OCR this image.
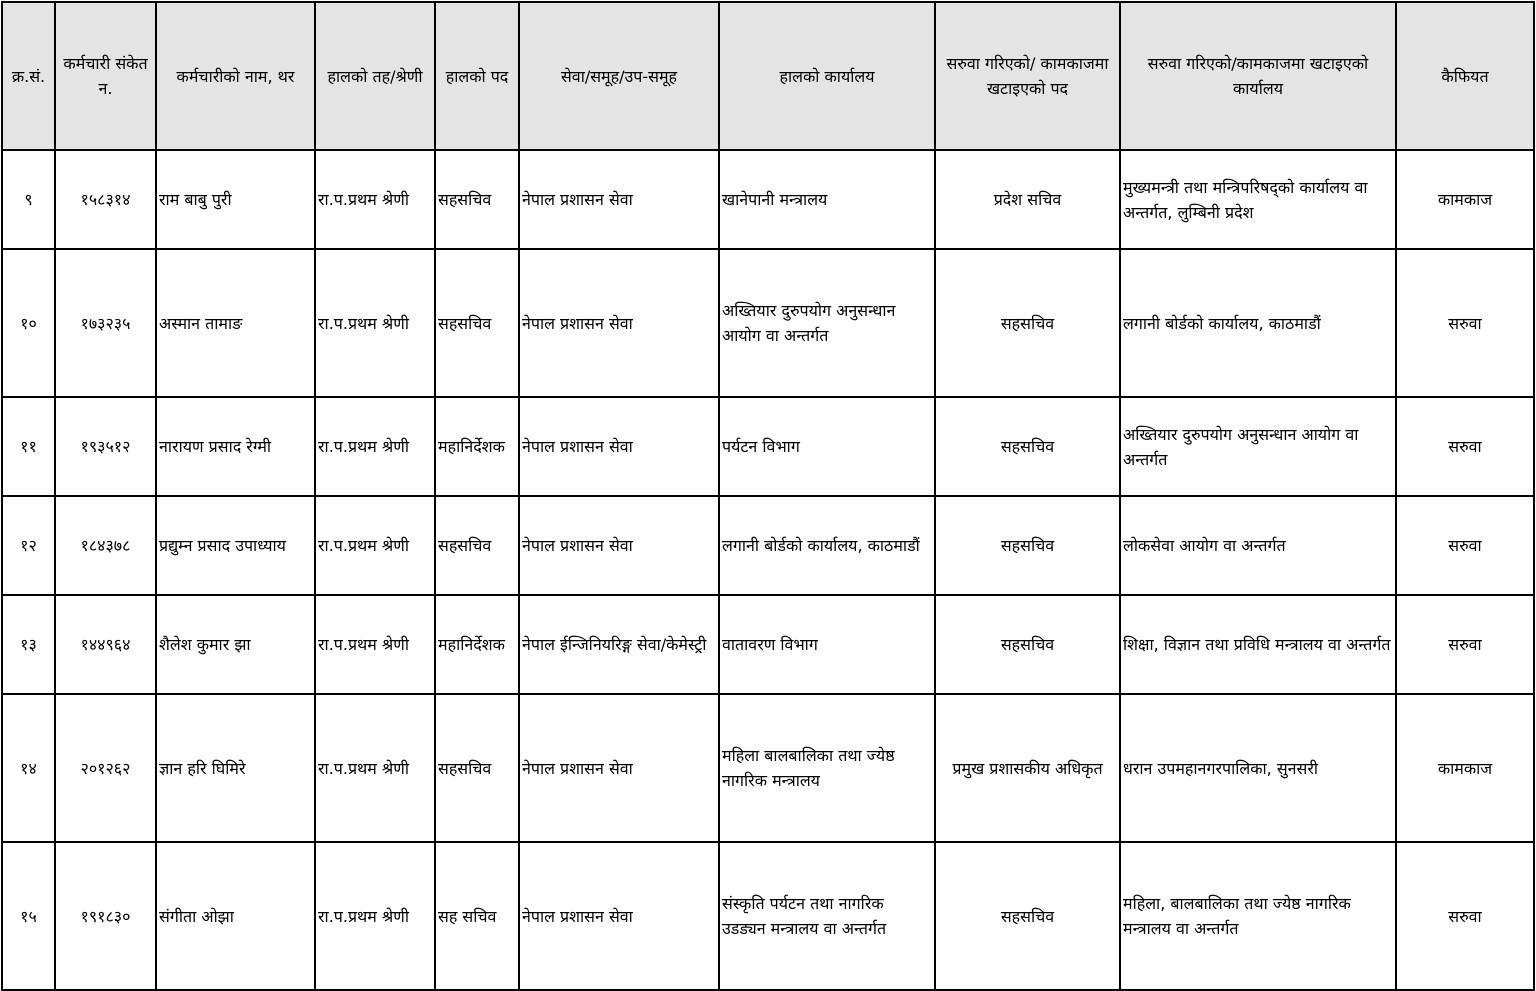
क्र.सं.	कर्मचारी संकेत न.	कर्मचारीको नाम, थर	हालको तह/श्रेणी	हालको पद	सेवा/समूह/उप-समूह	हालको कार्यालय	सरुवा गरिएको/ कामकाजमा खटाइएको पद	सरुवा गरिएको/कामकाजमा खटाइएको कार्यालय	कैफियत
९	१५८३१४	राम बाबु पुरी	रा.प.प्रथम श्रेणी	सहसचिव	नेपाल प्रशासन सेवा	खानेपानी मन्त्रालय	प्रदेश सचिव	मुख्यमन्त्री तथा मन्त्रिपरिषद्को कार्यालय वा अन्तर्गत, लुम्बिनी प्रदेश	कामकाज
१०	१७३२३५	अस्मान तामाङ	रा.प.प्रथम श्रेणी	सहसचिव	नेपाल प्रशासन सेवा	अख्तियार दुरुपयोग अनुसन्धान आयोग वा अन्तर्गत	सहसचिव	लगानी बोर्डको कार्यालय, काठमाडौं	सरुवा
११	१९३५१२	नारायण प्रसाद रेग्मी	रा.प.प्रथम श्रेणी	महानिर्देशक	नेपाल प्रशासन सेवा	पर्यटन विभाग	सहसचिव	अख्तियार दुरुपयोग अनुसन्धान आयोग वा अन्तर्गत	सरुवा
१२	१८४३७८	प्रद्युम्न प्रसाद उपाध्याय	रा.प.प्रथम श्रेणी	सहसचिव	नेपाल प्रशासन सेवा	लगानी बोर्डको कार्यालय, काठमाडौं	सहसचिव	लोकसेवा आयोग वा अन्तर्गत	सरुवा
१३	१४४९६४	शैलेश कुमार झा	रा.प.प्रथम श्रेणी	महानिर्देशक	नेपाल ईन्जिनियरिङ्ग सेवा/केमेस्ट्री	वातावरण विभाग	सहसचिव	शिक्षा, विज्ञान तथा प्रविधि मन्त्रालय वा अन्तर्गत	सरुवा
१४	२०१२६२	ज्ञान हरि घिमिरे	रा.प.प्रथम श्रेणी	सहसचिव	नेपाल प्रशासन सेवा	महिला बालबालिका तथा ज्येष्ठ नागरिक मन्त्रालय	प्रमुख प्रशासकीय अधिकृत	धरान उपमहानगरपालिका, सुनसरी	कामकाज
१५	१९१८३०	संगीता ओझा	रा.प.प्रथम श्रेणी	सह सचिव	नेपाल प्रशासन सेवा	संस्कृति पर्यटन तथा नागरिक उडड्यन मन्त्रालय वा अन्तर्गत	सहसचिव	महिला, बालबालिका तथा ज्येष्ठ नागरिक मन्त्रालय वा अन्तर्गत	सरुवा
